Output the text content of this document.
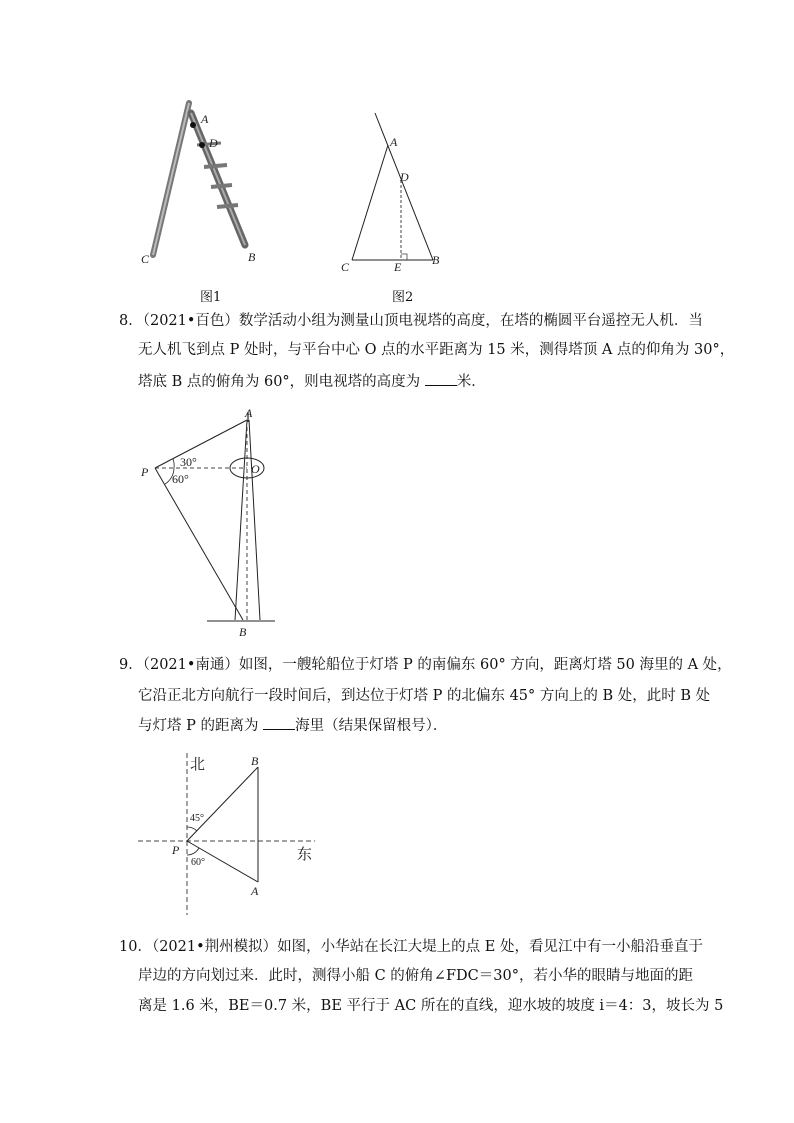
A
D
C	B
图1
A
D
C	E	B
图2
8．（2021•百色）数学活动小组为测量山顶电视塔的高度，在塔的椭圆平台遥控无人机．当
无人机飞到点 P 处时，与平台中心 O 点的水平距离为 15 米，测得塔顶 A 点的仰角为 30°，
塔底 B 点的俯角为 60°，则电视塔的高度为	米．
A
O
P
B
30°
60°
9．（2021•南通）如图，一艘轮船位于灯塔 P 的南偏东 60° 方向，距离灯塔 50 海里的 A 处，
它沿正北方向航行一段时间后，到达位于灯塔 P 的北偏东 45° 方向上的 B 处，此时 B 处
与灯塔 P 的距离为	海里（结果保留根号）．
北
东
P
B
A
45°
60°
10．（2021•荆州模拟）如图，小华站在长江大堤上的点 E 处，看见江中有一小船沿垂直于
岸边的方向划过来．此时，测得小船 C 的俯角∠FDC＝30°，若小华的眼睛与地面的距
离是 1.6 米，BE＝0.7 米，BE 平行于 AC 所在的直线，迎水坡的坡度 i＝4：3，坡长为 5
